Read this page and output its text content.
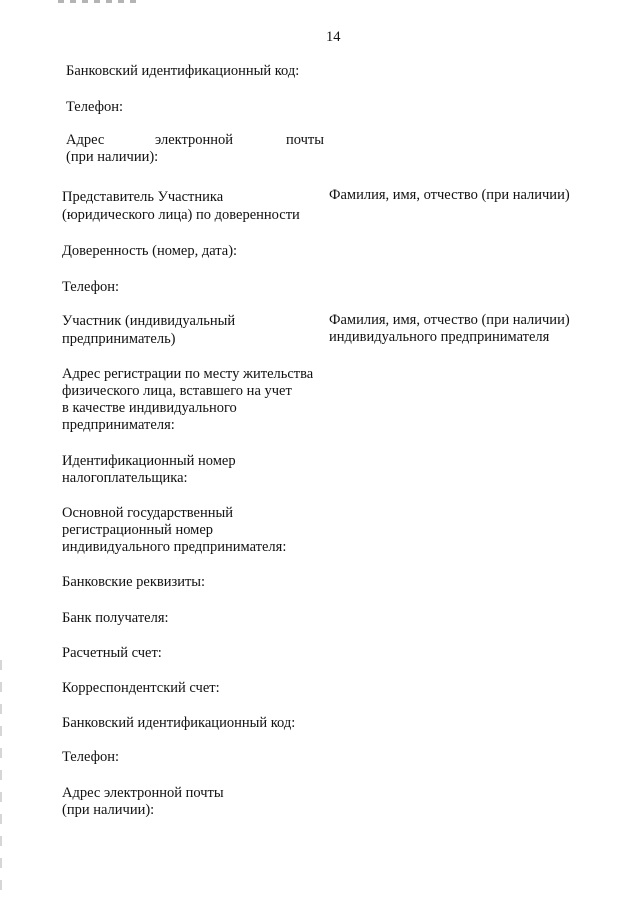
14
Банковский идентификационный код:
Телефон:
Адрес	электронной	почты
(при наличии):
Представитель Участника
(юридического лица) по доверенности
Фамилия, имя, отчество (при наличии)
Доверенность (номер, дата):
Телефон:
Участник (индивидуальный
предприниматель)
Фамилия, имя, отчество (при наличии)
индивидуального предпринимателя
Адрес регистрации по месту жительства
физического лица, вставшего на учет
в качестве индивидуального
предпринимателя:
Идентификационный номер
налогоплательщика:
Основной государственный
регистрационный номер
индивидуального предпринимателя:
Банковские реквизиты:
Банк получателя:
Расчетный счет:
Корреспондентский счет:
Банковский идентификационный код:
Телефон:
Адрес электронной почты
(при наличии):
